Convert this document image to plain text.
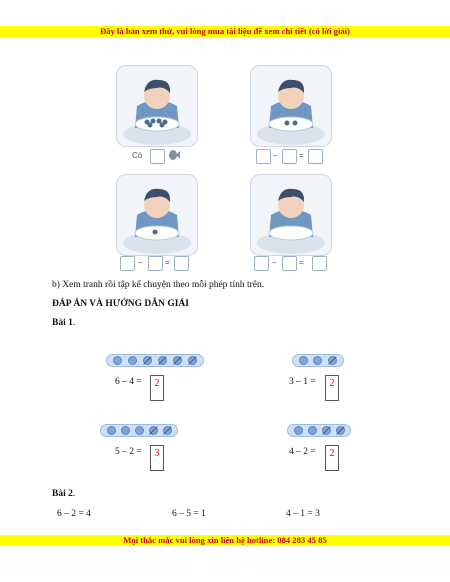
Đây là bản xem thử, vui lòng mua tài liệu để xem chi tiết (có lời giải)
Có	–	=
–	=	–	=
b) Xem tranh rồi tập kể chuyện theo mỗi phép tính trên.
ĐÁP ÁN VÀ HƯỚNG DẪN GIẢI
Bài 1.
6 – 4 =	2	3 – 1 =	2
5 – 2 =	3	4 – 2 =	2
Bài 2.
6 – 2 = 4	6 – 5 = 1	4 – 1 = 3
Mọi thắc mắc vui lòng xin liên hệ hotline: 084 283 45 85
